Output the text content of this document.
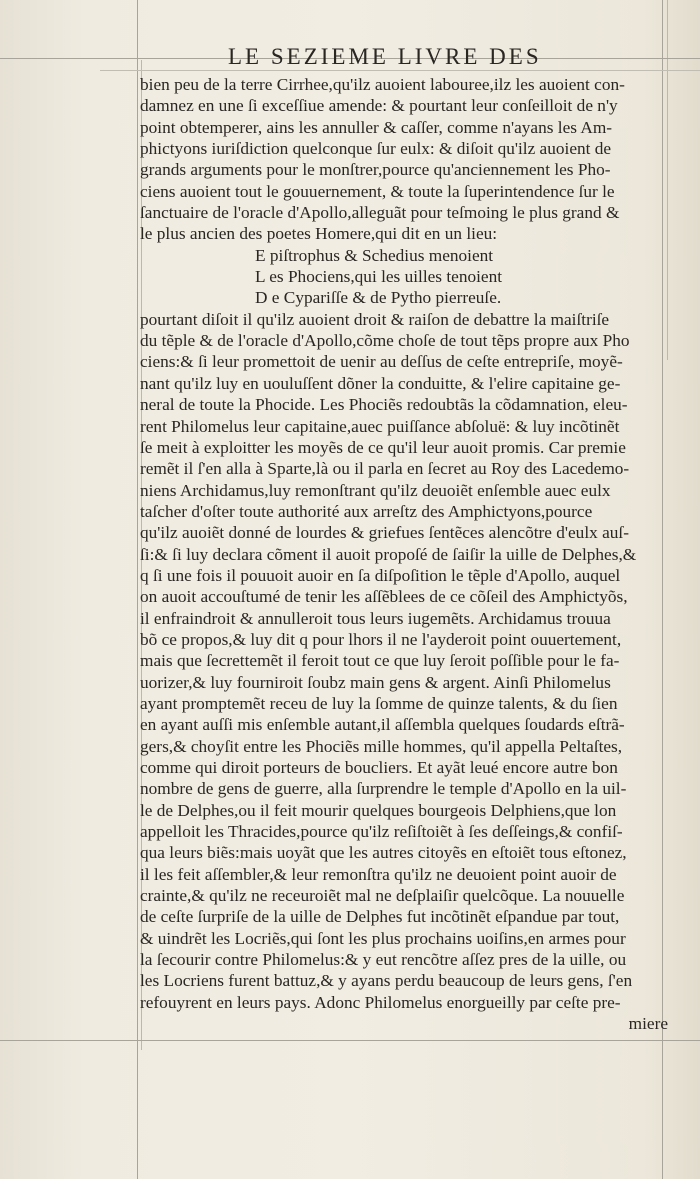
LE SEZIEME LIVRE DES
bien peu de la terre Cirrhee,qu'ilz auoient labouree,ilz les auoient con-
damnez en une ſi exceſſiue amende: & pourtant leur conſeilloit de n'y
point obtemperer, ains les annuller & caſſer, comme n'ayans les Am-
phictyons iuriſdiction quelconque ſur eulx: & diſoit qu'ilz auoient de
grands arguments pour le monſtrer,pource qu'anciennement les Pho-
ciens auoient tout le gouuernement, & toute la ſuperintendence ſur le
ſanctuaire de l'oracle d'Apollo,alleguãt pour teſmoing le plus grand &
le plus ancien des poetes Homere,qui dit en un lieu:
E piſtrophus & Schedius menoient
L es Phociens,qui les uilles tenoient
D e Cypariſſe & de Pytho pierreuſe.
pourtant diſoit il qu'ilz auoient droit & raiſon de debattre la maiſtriſe
du tẽple & de l'oracle d'Apollo,cõme choſe de tout tẽps propre aux Pho
ciens:& ſi leur promettoit de uenir au deſſus de ceſte entrepriſe, moyẽ-
nant qu'ilz luy en uouluſſent dõner la conduitte, & l'elire capitaine ge-
neral de toute la Phocide. Les Phociẽs redoubtãs la cõdamnation, eleu-
rent Philomelus leur capitaine,auec puiſſance abſoluë: & luy incõtinẽt
ſe meit à exploitter les moyẽs de ce qu'il leur auoit promis. Car premie
remẽt il ſ'en alla à Sparte,là ou il parla en ſecret au Roy des Lacedemo-
niens Archidamus,luy remonſtrant qu'ilz deuoiẽt enſemble auec eulx
taſcher d'oſter toute authorité aux arreſtz des Amphictyons,pource
qu'ilz auoiẽt donné de lourdes & griefues ſentẽces alencõtre d'eulx auſ-
ſi:& ſi luy declara cõment il auoit propoſé de ſaiſir la uille de Delphes,&
q ſi une fois il pouuoit auoir en ſa diſpoſition le tẽple d'Apollo, auquel
on auoit accouſtumé de tenir les aſſẽblees de ce cõſeil des Amphictyõs,
il enfraindroit & annulleroit tous leurs iugemẽts. Archidamus trouua
bõ ce propos,& luy dit q pour lhors il ne l'ayderoit point ouuertement,
mais que ſecrettemẽt il feroit tout ce que luy ſeroit poſſible pour le fa-
uorizer,& luy fourniroit ſoubz main gens & argent. Ainſi Philomelus
ayant promptemẽt receu de luy la ſomme de quinze talents, & du ſien
en ayant auſſi mis enſemble autant,il aſſembla quelques ſoudards eſtrã-
gers,& choyſit entre les Phociẽs mille hommes, qu'il appella Peltaſtes,
comme qui diroit porteurs de boucliers. Et ayãt leué encore autre bon
nombre de gens de guerre, alla ſurprendre le temple d'Apollo en la uil-
le de Delphes,ou il feit mourir quelques bourgeois Delphiens,que lon
appelloit les Thracides,pource qu'ilz reſiſtoiẽt à ſes deſſeings,& confiſ-
qua leurs biẽs:mais uoyãt que les autres citoyẽs en eſtoiẽt tous eſtonez,
il les feit aſſembler,& leur remonſtra qu'ilz ne deuoient point auoir de
crainte,& qu'ilz ne receuroiẽt mal ne deſplaiſir quelcõque. La nouuelle
de ceſte ſurpriſe de la uille de Delphes fut incõtinẽt eſpandue par tout,
& uindrẽt les Locriẽs,qui ſont les plus prochains uoiſins,en armes pour
la ſecourir contre Philomelus:& y eut rencõtre aſſez pres de la uille, ou
les Locriens furent battuz,& y ayans perdu beaucoup de leurs gens, ſ'en
refouyrent en leurs pays. Adonc Philomelus enorgueilly par ceſte pre-
miere
